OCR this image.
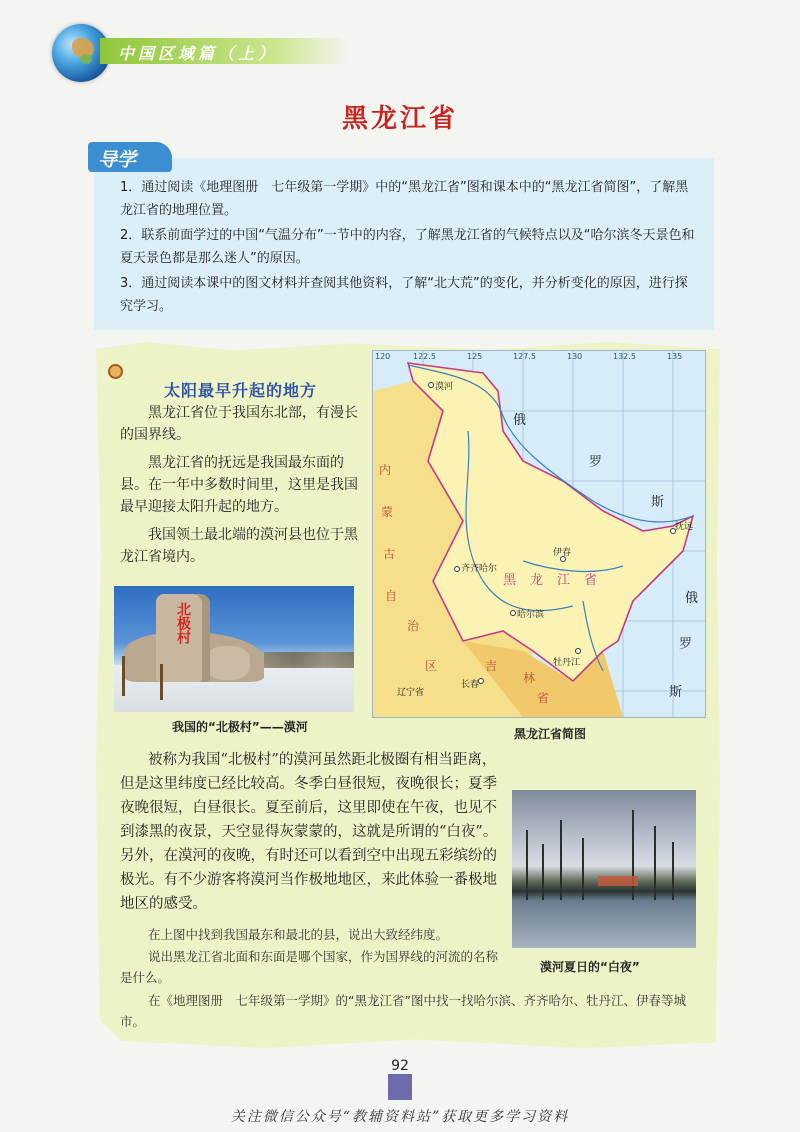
中国区域篇（上）
黑龙江省

1．通过阅读《地理图册　七年级第一学期》中的“黑龙江省”图和课本中的“黑龙江省简图”，了解黑龙江省的地理位置。

2．联系前面学过的中国“气温分布”一节中的内容，了解黑龙江省的气候特点以及“哈尔滨冬天景色和夏天景色都是那么迷人”的原因。

3．通过阅读本课中的图文材料并查阅其他资料，了解“北大荒”的变化，并分析变化的原因，进行探究学习。

导学
太阳最早升起的地方
黑龙江省位于我国东北部，有漫长的国界线。
黑龙江省的抚远是我国最东面的县。在一年中多数时间里，这里是我国最早迎接太阳升起的地方。
我国领土最北端的漠河县也位于黑龙江省境内。
北极村
我国的“北极村”——漠河
漠河
伊春
抚远
齐齐哈尔
哈尔滨
牡丹江
长春
黑龙江省
俄
罗
斯
俄
罗
斯
内
蒙
古
自
治
区	吉
林
省
辽宁省
120	122.5	125	127.5	130	132.5	135
黑龙江省简图
被称为我国“北极村”的漠河虽然距北极圈有相当距离，但是这里纬度已经比较高。冬季白昼很短，夜晚很长；夏季夜晚很短，白昼很长。夏至前后，这里即使在午夜，也见不到漆黑的夜景，天空显得灰蒙蒙的，这就是所谓的“白夜”。另外，在漠河的夜晚，有时还可以看到空中出现五彩缤纷的极光。有不少游客将漠河当作极地地区，来此体验一番极地地区的感受。
漠河夏日的“白夜”
在上图中找到我国最东和最北的县，说出大致经纬度。
说出黑龙江省北面和东面是哪个国家，作为国界线的河流的名称是什么。
在《地理图册　七年级第一学期》的“黑龙江省”图中找一找哈尔滨、齐齐哈尔、牡丹江、伊春等城市。
92
关注微信公众号“教辅资料站”获取更多学习资料
